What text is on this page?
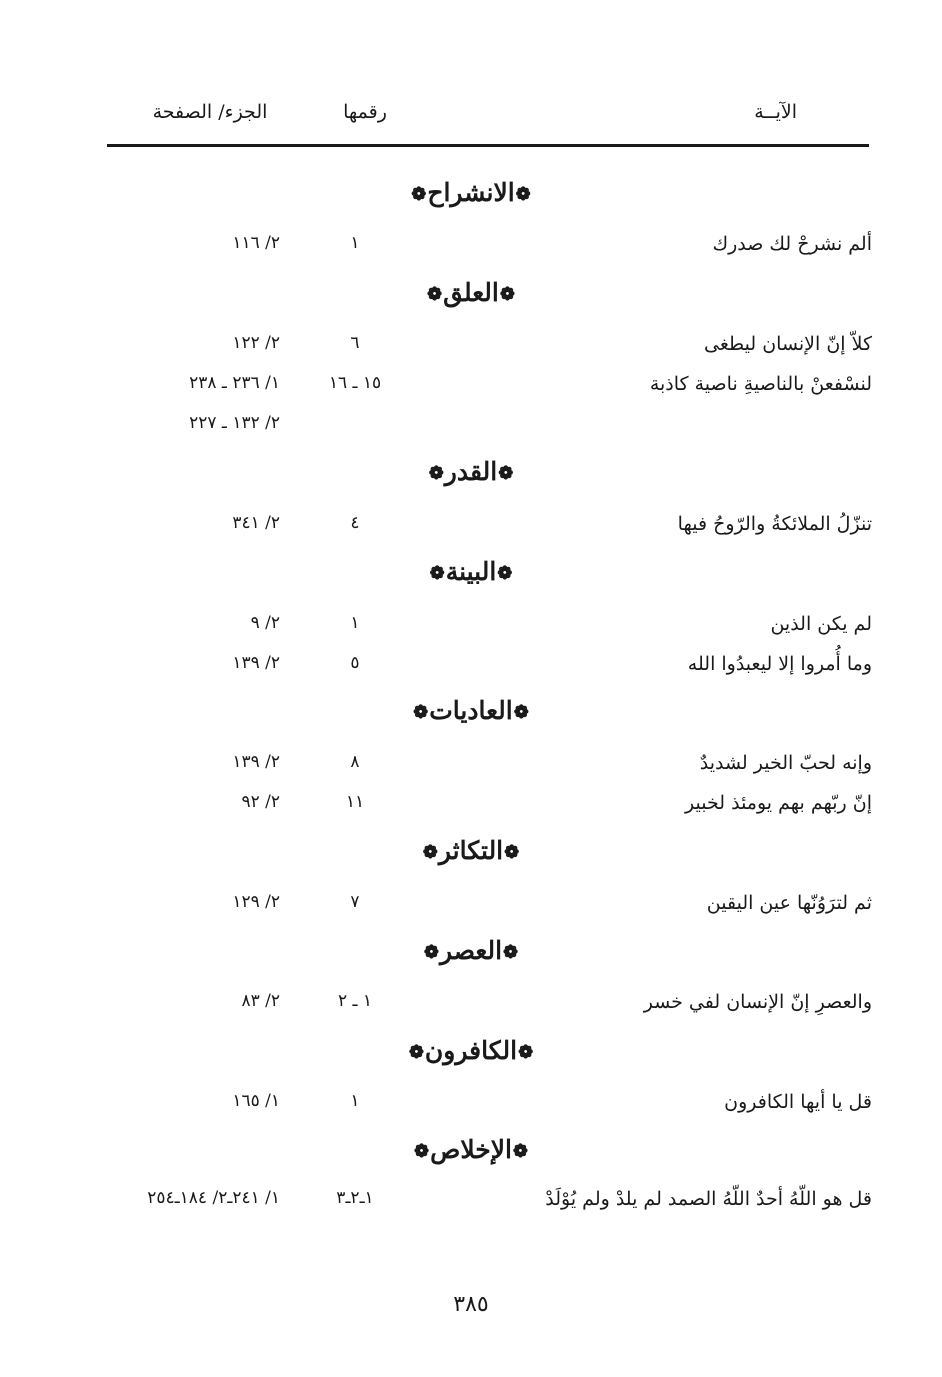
الآيــة
رقمها
الجزء/ الصفحة
❁الانشراح❁
ألم نشرحْ لك صدرك
١
٢/ ١١٦
❁العلق❁
كلاّ إنّ الإنسان ليطغى
٦
٢/ ١٢٢
لنسْفعنْ بالناصيةِ ناصية كاذبة
١٥ ـ ١٦
١/ ٢٣٦ ـ ٢٣٨
٢/ ١٣٢ ـ ٢٢٧
❁القدر❁
تنزّلُ الملائكةُ والرّوحُ فيها
٤
٢/ ٣٤١
❁البينة❁
لم يكن الذين
١
٢/ ٩
وما أُمروا إلا ليعبدُوا الله
٥
٢/ ١٣٩
❁العاديات❁
وإنه لحبّ الخير لشديدٌ
٨
٢/ ١٣٩
إنّ ربّهم بهم يومئذ لخبير
١١
٢/ ٩٢
❁التكاثر❁
ثم لترَوُنّها عين اليقين
٧
٢/ ١٢٩
❁العصر❁
والعصرِ إنّ الإنسان لفي خسر
١ ـ ٢
٢/ ٨٣
❁الكافرون❁
قل يا أيها الكافرون
١
١/ ١٦٥
❁الإخلاص❁
قل هو اللّهُ أحدٌ اللّهُ الصمد لم يلدْ ولم يُوْلَدْ
١ـ٢ـ٣
١/ ٢٤١ـ٢/ ١٨٤ـ٢٥٤
٣٨٥
